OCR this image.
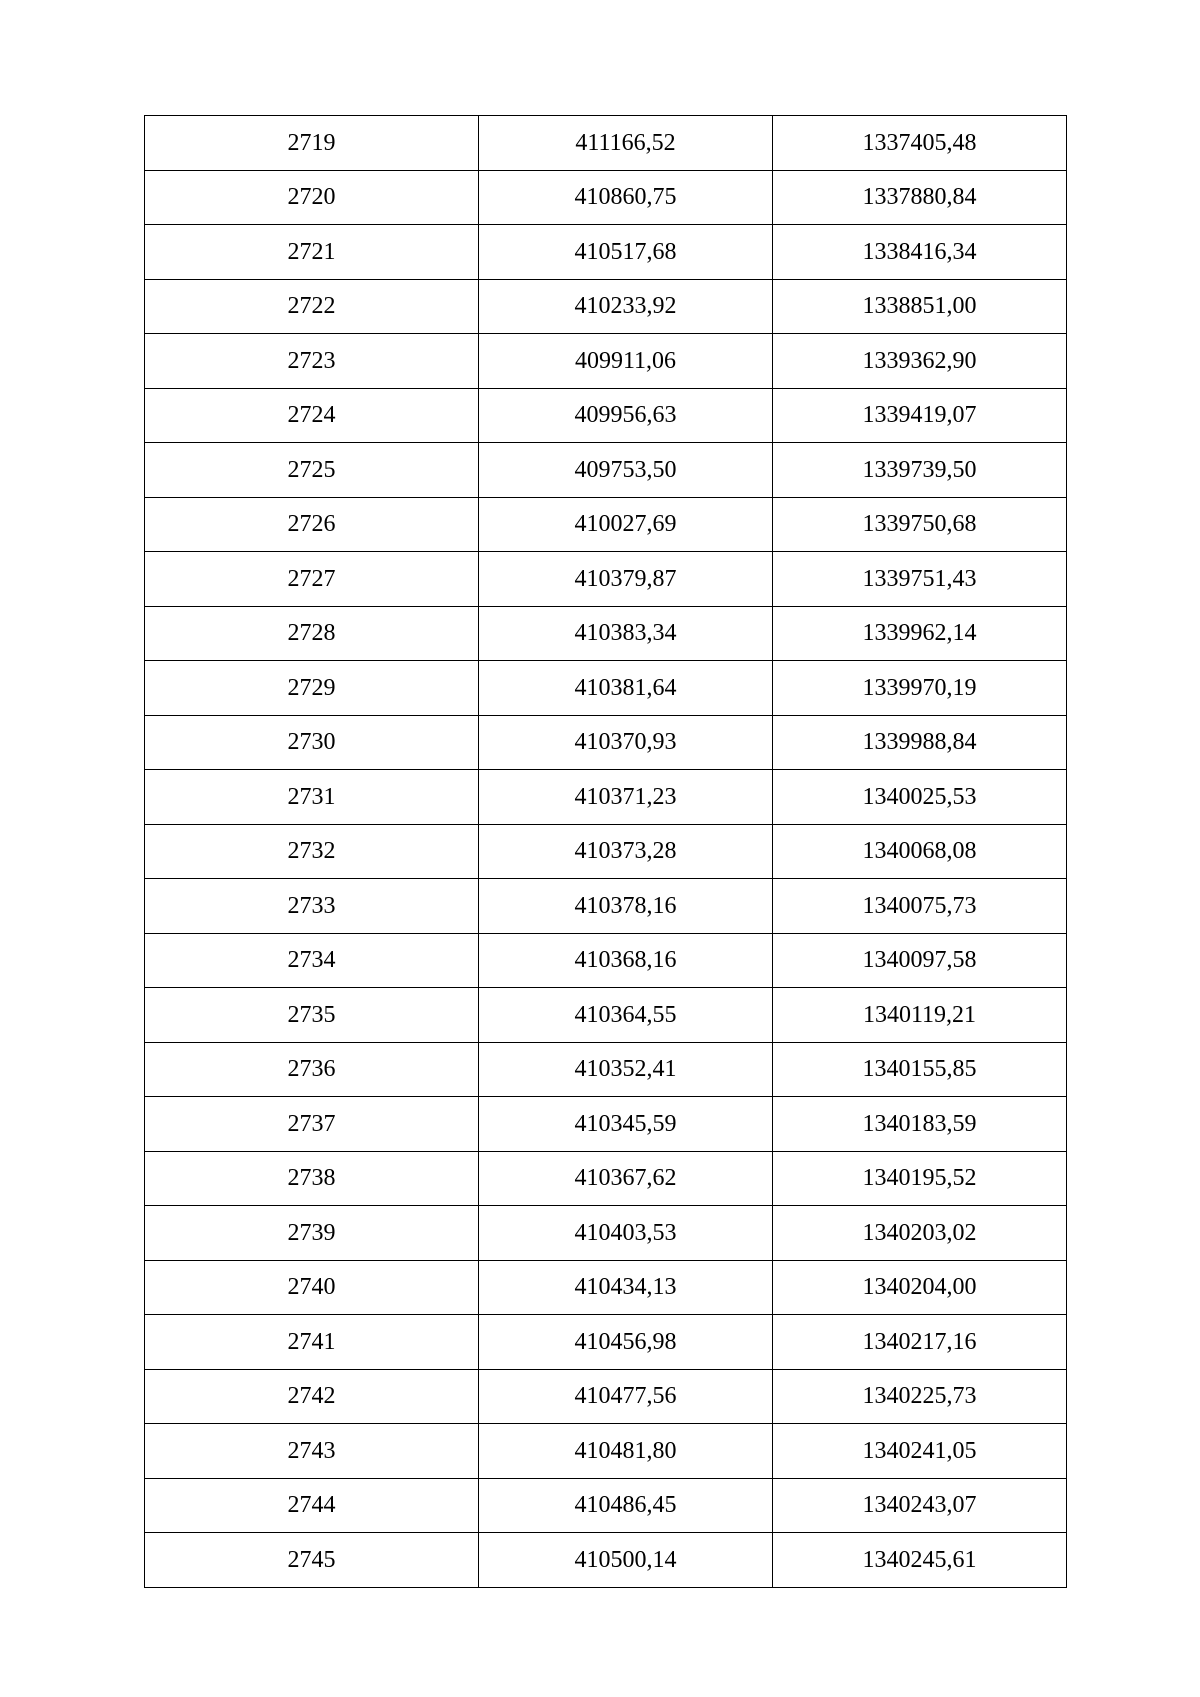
2719	411166,52	1337405,48
2720	410860,75	1337880,84
2721	410517,68	1338416,34
2722	410233,92	1338851,00
2723	409911,06	1339362,90
2724	409956,63	1339419,07
2725	409753,50	1339739,50
2726	410027,69	1339750,68
2727	410379,87	1339751,43
2728	410383,34	1339962,14
2729	410381,64	1339970,19
2730	410370,93	1339988,84
2731	410371,23	1340025,53
2732	410373,28	1340068,08
2733	410378,16	1340075,73
2734	410368,16	1340097,58
2735	410364,55	1340119,21
2736	410352,41	1340155,85
2737	410345,59	1340183,59
2738	410367,62	1340195,52
2739	410403,53	1340203,02
2740	410434,13	1340204,00
2741	410456,98	1340217,16
2742	410477,56	1340225,73
2743	410481,80	1340241,05
2744	410486,45	1340243,07
2745	410500,14	1340245,61
